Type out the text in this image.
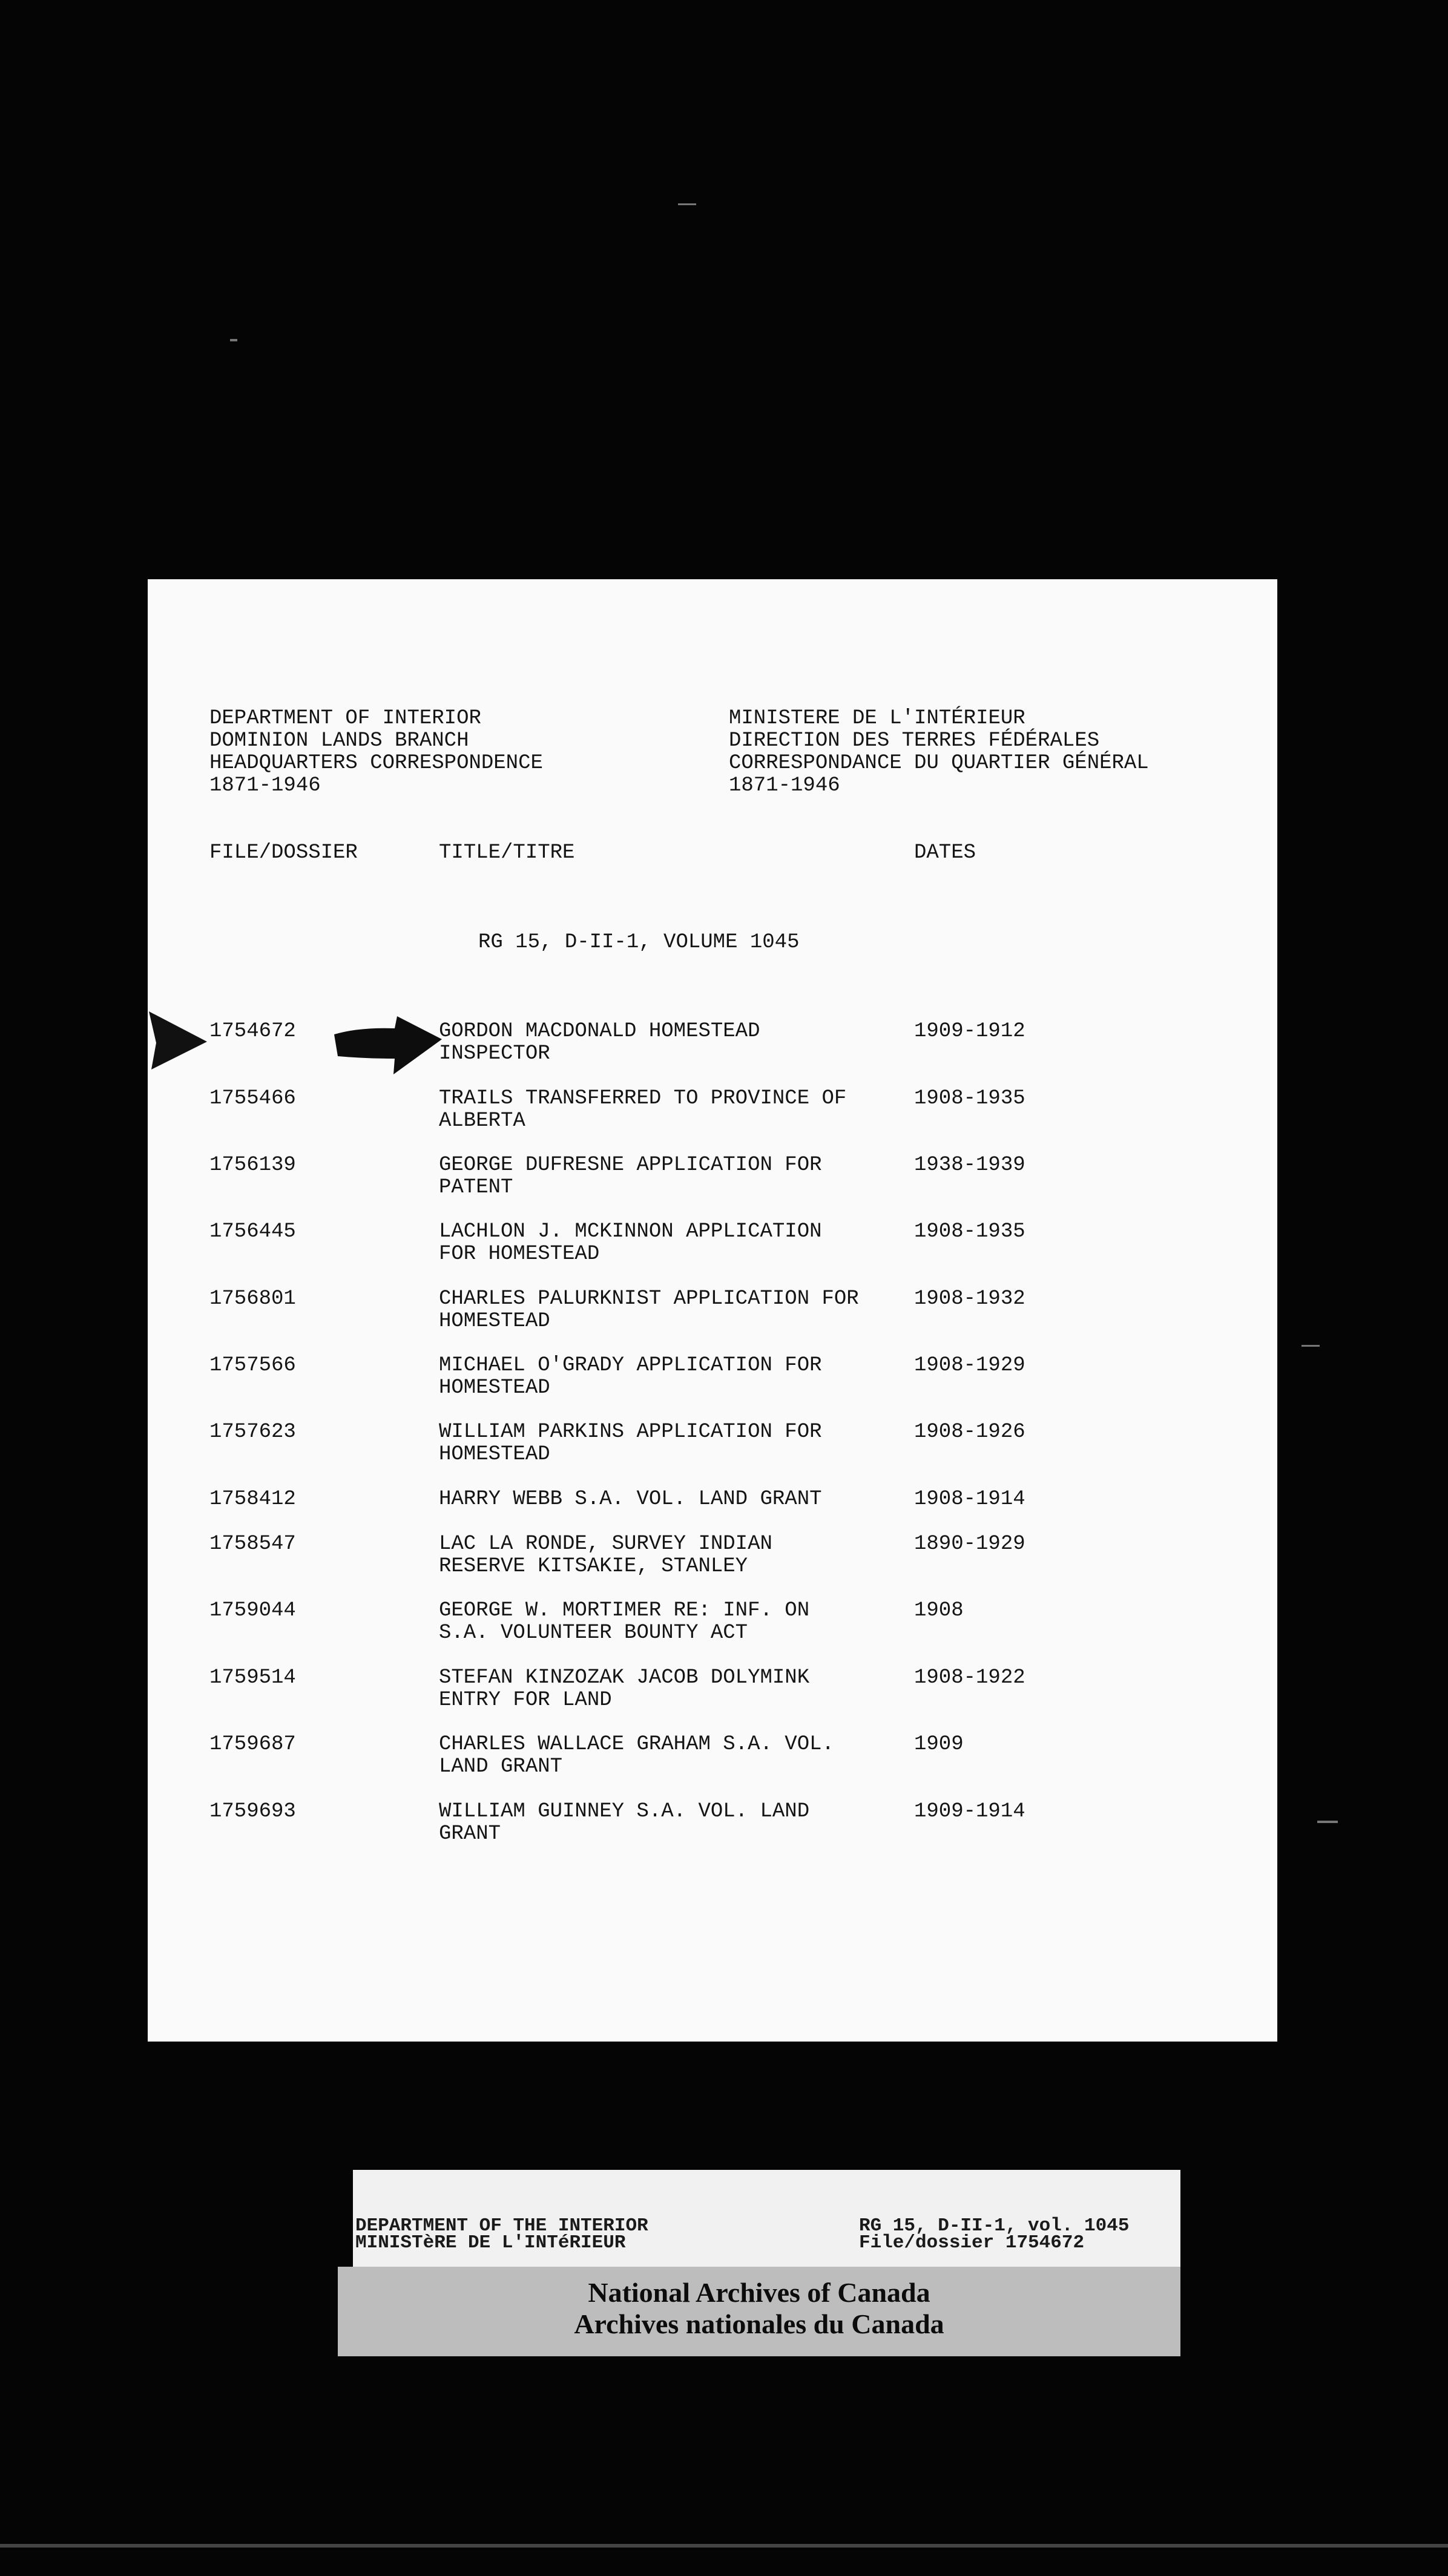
DEPARTMENT OF INTERIOR
DOMINION LANDS BRANCH
HEADQUARTERS CORRESPONDENCE
1871-1946
MINISTERE DE L'INTÉRIEUR
DIRECTION DES TERRES FÉDÉRALES
CORRESPONDANCE DU QUARTIER GÉNÉRAL
1871-1946
FILE/DOSSIER	TITLE/TITRE	DATES
RG 15, D-II-1, VOLUME 1045
1754672	GORDON MACDONALD HOMESTEAD
INSPECTOR
1909-1912
1755466	TRAILS TRANSFERRED TO PROVINCE OF
ALBERTA
1908-1935
1756139	GEORGE DUFRESNE APPLICATION FOR
PATENT
1938-1939
1756445	LACHLON J. MCKINNON APPLICATION
FOR HOMESTEAD
1908-1935
1756801	CHARLES PALURKNIST APPLICATION FOR
HOMESTEAD
1908-1932
1757566	MICHAEL O'GRADY APPLICATION FOR
HOMESTEAD
1908-1929
1757623	WILLIAM PARKINS APPLICATION FOR
HOMESTEAD
1908-1926
1758412	HARRY WEBB S.A. VOL. LAND GRANT	1908-1914
1758547	LAC LA RONDE, SURVEY INDIAN
RESERVE KITSAKIE, STANLEY
1890-1929
1759044	GEORGE W. MORTIMER RE: INF. ON
S.A. VOLUNTEER BOUNTY ACT
1908
1759514	STEFAN KINZOZAK JACOB DOLYMINK
ENTRY FOR LAND
1908-1922
1759687	CHARLES WALLACE GRAHAM S.A. VOL.
LAND GRANT
1909
1759693	WILLIAM GUINNEY S.A. VOL. LAND
GRANT
1909-1914
DEPARTMENT OF THE INTERIOR
MINISTèRE DE L'INTéRIEUR
RG 15, D-II-1, vol. 1045
File/dossier 1754672
National Archives of Canada
Archives nationales du Canada
